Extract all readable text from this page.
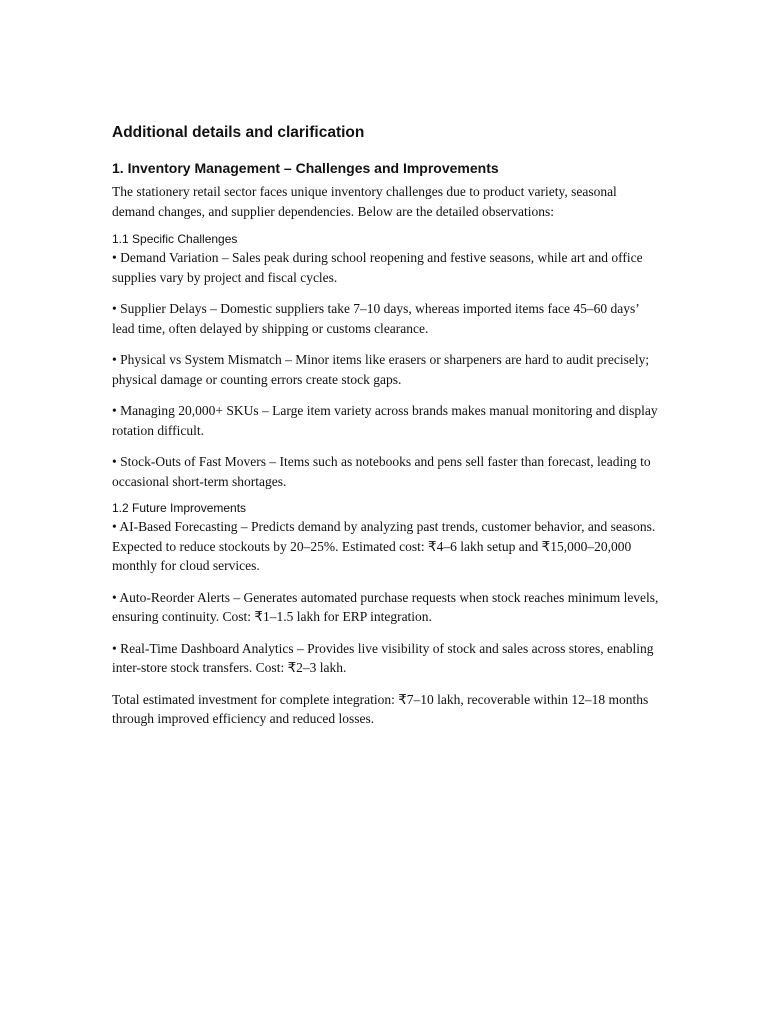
Additional details and clarification
1. Inventory Management – Challenges and Improvements

The stationery retail sector faces unique inventory challenges due to product variety, seasonal demand changes, and supplier dependencies. Below are the detailed observations:

1.1 Specific Challenges

• Demand Variation – Sales peak during school reopening and festive seasons, while art and office supplies vary by project and fiscal cycles.

• Supplier Delays – Domestic suppliers take 7–10 days, whereas imported items face 45–60 days’ lead time, often delayed by shipping or customs clearance.

• Physical vs System Mismatch – Minor items like erasers or sharpeners are hard to audit precisely; physical damage or counting errors create stock gaps.

• Managing 20,000+ SKUs – Large item variety across brands makes manual monitoring and display rotation difficult.

• Stock-Outs of Fast Movers – Items such as notebooks and pens sell faster than forecast, leading to occasional short-term shortages.

1.2 Future Improvements

• AI-Based Forecasting – Predicts demand by analyzing past trends, customer behavior, and seasons. Expected to reduce stockouts by 20–25%. Estimated cost: ₹4–6 lakh setup and ₹15,000–20,000 monthly for cloud services.

• Auto-Reorder Alerts – Generates automated purchase requests when stock reaches minimum levels, ensuring continuity. Cost: ₹1–1.5 lakh for ERP integration.

• Real-Time Dashboard Analytics – Provides live visibility of stock and sales across stores, enabling inter-store stock transfers. Cost: ₹2–3 lakh.

Total estimated investment for complete integration: ₹7–10 lakh, recoverable within 12–18 months through improved efficiency and reduced losses.
